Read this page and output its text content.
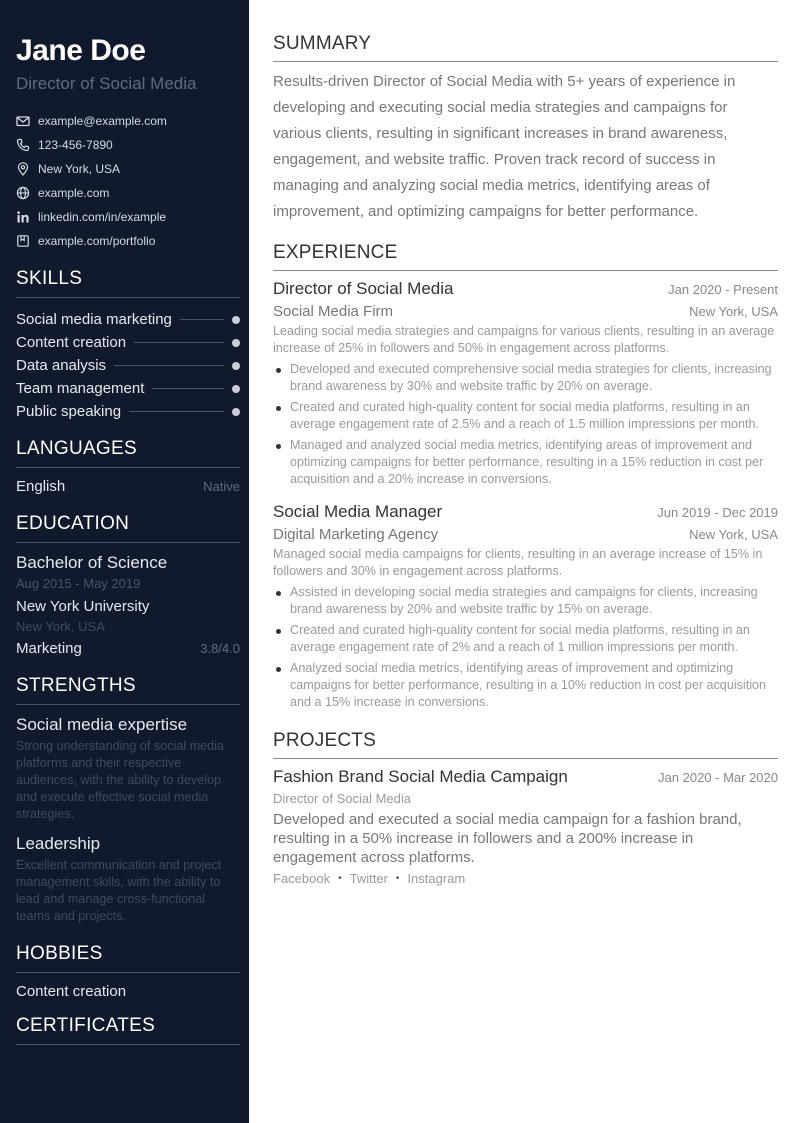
Jane Doe
Director of Social Media
example@example.com
123-456-7890
New York, USA
example.com
linkedin.com/in/example
example.com/portfolio
SKILLS
Social media marketing
Content creation
Data analysis
Team management
Public speaking
LANGUAGES
English	Native
EDUCATION
Bachelor of Science
Aug 2015 - May 2019
New York University
New York, USA
Marketing	3.8/4.0
STRENGTHS
Social media expertise
Strong understanding of social media platforms and their respective audiences, with the ability to develop and execute effective social media strategies.
Leadership
Excellent communication and project management skills, with the ability to lead and manage cross-functional teams and projects.
HOBBIES
Content creation
CERTIFICATES
SUMMARY

Results-driven Director of Social Media with 5+ years of experience in developing and executing social media strategies and campaigns for various clients, resulting in significant increases in brand awareness, engagement, and website traffic. Proven track record of success in managing and analyzing social media metrics, identifying areas of improvement, and optimizing campaigns for better performance.

EXPERIENCE
Director of Social Media	Jan 2020 - Present
Social Media Firm	New York, USA
Leading social media strategies and campaigns for various clients, resulting in an average increase of 25% in followers and 50% in engagement across platforms.
Developed and executed comprehensive social media strategies for clients, increasing brand awareness by 30% and website traffic by 20% on average.
Created and curated high-quality content for social media platforms, resulting in an average engagement rate of 2.5% and a reach of 1.5 million impressions per month.
Managed and analyzed social media metrics, identifying areas of improvement and optimizing campaigns for better performance, resulting in a 15% reduction in cost per acquisition and a 20% increase in conversions.
Social Media Manager	Jun 2019 - Dec 2019
Digital Marketing Agency	New York, USA
Managed social media campaigns for clients, resulting in an average increase of 15% in followers and 30% in engagement across platforms.
Assisted in developing social media strategies and campaigns for clients, increasing brand awareness by 20% and website traffic by 15% on average.
Created and curated high-quality content for social media platforms, resulting in an average engagement rate of 2% and a reach of 1 million impressions per month.
Analyzed social media metrics, identifying areas of improvement and optimizing campaigns for better performance, resulting in a 10% reduction in cost per acquisition and a 15% increase in conversions.
PROJECTS
Fashion Brand Social Media Campaign	Jan 2020 - Mar 2020
Director of Social Media
Developed and executed a social media campaign for a fashion brand, resulting in a 50% increase in followers and a 200% increase in engagement across platforms.
Facebook • Twitter • Instagram
